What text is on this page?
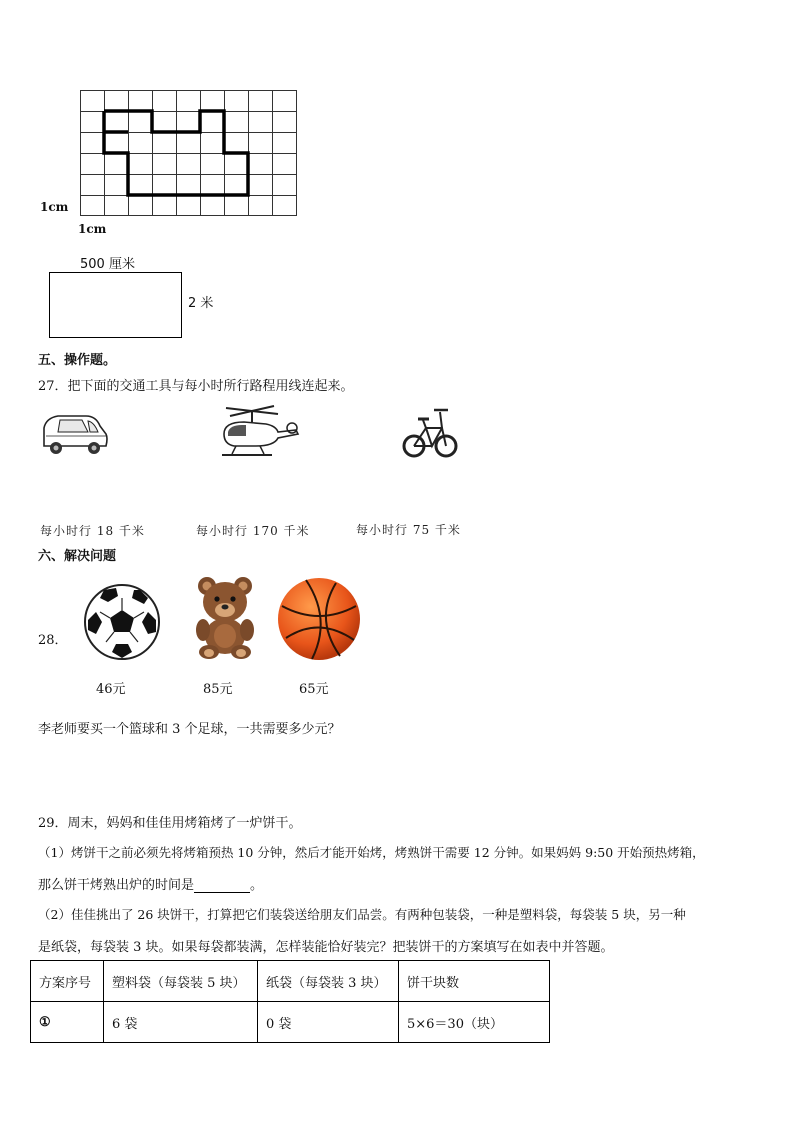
1cm
1cm
500 厘米
2 米
五、操作题。
27．把下面的交通工具与每小时所行路程用线连起来。
每小时行 18 千米	每小时行 170 千米	每小时行 75 千米
六、解决问题
28．
46元	85元	65元
李老师要买一个篮球和 3 个足球，一共需要多少元？
29．周末，妈妈和佳佳用烤箱烤了一炉饼干。
（1）烤饼干之前必须先将烤箱预热 10 分钟，然后才能开始烤，烤熟饼干需要 12 分钟。如果妈妈 9:50 开始预热烤箱，
那么饼干烤熟出炉的时间是	。
（2）佳佳挑出了 26 块饼干，打算把它们装袋送给朋友们品尝。有两种包装袋，一种是塑料袋，每袋装 5 块，另一种
是纸袋，每袋装 3 块。如果每袋都装满，怎样装能恰好装完？把装饼干的方案填写在如表中并答题。
方案序号	塑料袋（每袋装 5 块）	纸袋（每袋装 3 块）	饼干块数
①	6 袋	0 袋	5×6＝30（块）
